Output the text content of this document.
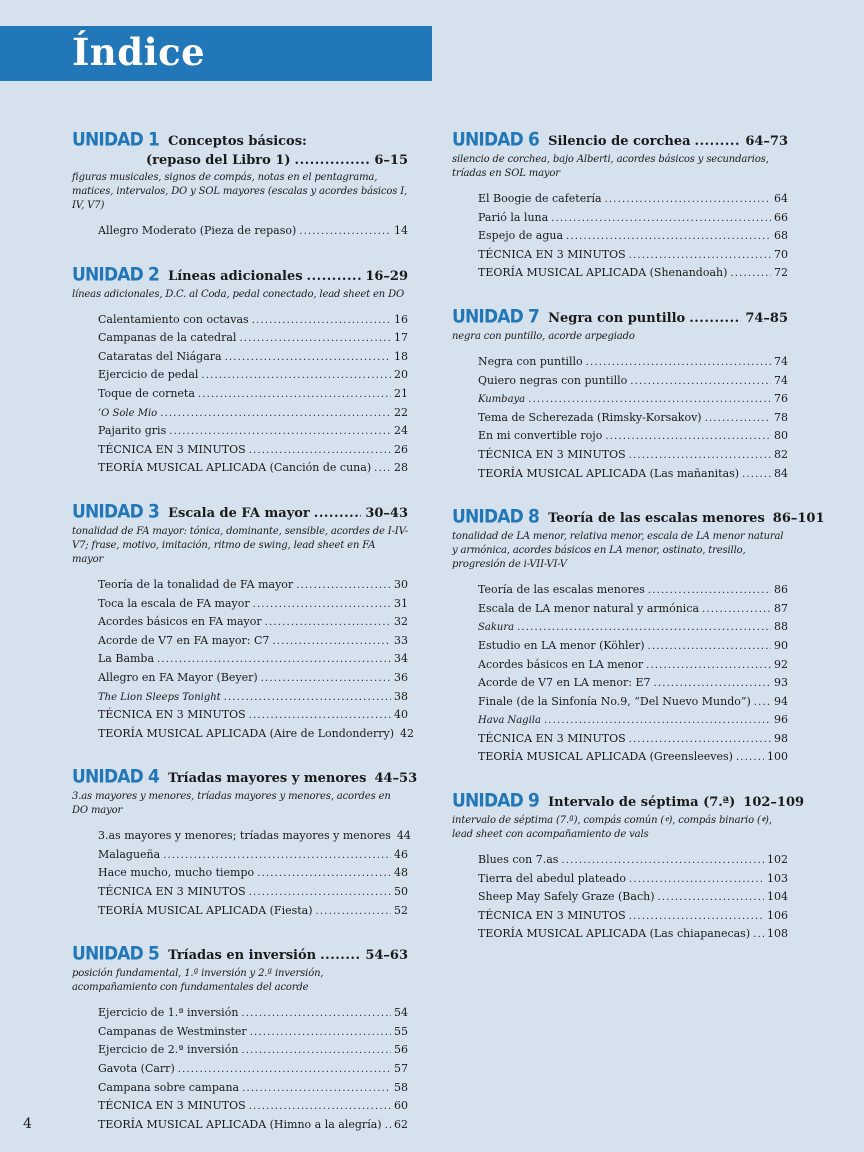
Índice
UNIDAD 1 Conceptos básicos:
(repaso del Libro 1) . . .	6–15
figuras musicales, signos de compás, notas en el pentagrama, matices, intervalos, DO y SOL mayores (escalas y acordes básicos I, IV, V7)
Allegro Moderato (Pieza de repaso) . . .	14
UNIDAD 2 Líneas adicionales . . .	16–29
líneas adicionales, D.C. al Coda, pedal conectado, lead sheet en DO
Calentamiento con octavas . . .	16
Campanas de la catedral . . .	17
Cataratas del Niágara . . .	18
Ejercicio de pedal . . .	20
Toque de corneta . . .	21
’O Sole Mio . . .	22
Pajarito gris . . .	24
TÉCNICA EN 3 MINUTOS . . .	26
TEORÍA MUSICAL APLICADA (Canción de cuna) . . . 28
UNIDAD 3 Escala de FA mayor . . .	30–43
tonalidad de FA mayor: tónica, dominante, sensible, acordes de I-IV-V7; frase, motivo, imitación, ritmo de swing, lead sheet en FA mayor
Teoría de la tonalidad de FA mayor . . .	30
Toca la escala de FA mayor . . .	31
Acordes básicos en FA mayor . . .	32
Acorde de V7 en FA mayor: C7 . . .	33
La Bamba . . .	34
Allegro en FA Mayor (Beyer) . . .	36
The Lion Sleeps Tonight . . .	38
TÉCNICA EN 3 MINUTOS . . .	40
TEORÍA MUSICAL APLICADA (Aire de Londonderry) 42
UNIDAD 4 Tríadas mayores y menores 44–53
3.as mayores y menores, tríadas mayores y menores, acordes en DO mayor
3.as mayores y menores; tríadas mayores y menores 44
Malagueña . . .	46
Hace mucho, mucho tiempo . . .	48
TÉCNICA EN 3 MINUTOS . . .	50
TEORÍA MUSICAL APLICADA (Fiesta) . . .	52
UNIDAD 5 Tríadas en inversión . . .	54–63
posición fundamental, 1.ª inversión y 2.ª inversión, acompañamiento con fundamentales del acorde
Ejercicio de 1.ª inversión . . .	54
Campanas de Westminster . . .	55
Ejercicio de 2.ª inversión . . .	56
Gavota (Carr) . . .	57
Campana sobre campana . . .	58
TÉCNICA EN 3 MINUTOS . . .	60
TEORÍA MUSICAL APLICADA (Himno a la alegría) . . . 62
UNIDAD 6 Silencio de corchea . . .	64–73
silencio de corchea, bajo Alberti, acordes básicos y secundarios, tríadas en SOL mayor
El Boogie de cafetería . . .	64
Parió la luna . . .	66
Espejo de agua . . .	68
TÉCNICA EN 3 MINUTOS . . .	70
TEORÍA MUSICAL APLICADA (Shenandoah) . . .	72
UNIDAD 7 Negra con puntillo . . .	74–85
negra con puntillo, acorde arpegiado
Negra con puntillo . . .	74
Quiero negras con puntillo . . .	74
Kumbaya . . .	76
Tema de Scherezada (Rimsky-Korsakov) . . .	78
En mi convertible rojo . . .	80
TÉCNICA EN 3 MINUTOS . . .	82
TEORÍA MUSICAL APLICADA (Las mañanitas) . . .	84
UNIDAD 8 Teoría de las escalas menores 86–101
tonalidad de LA menor, relativa menor, escala de LA menor natural y armónica, acordes básicos en LA menor, ostinato, tresillo, progresión de i-VII-VI-V
Teoría de las escalas menores . . .	86
Escala de LA menor natural y armónica . . .	87
Sakura . . .	88
Estudio en LA menor (Köhler) . . .	90
Acordes básicos en LA menor . . .	92
Acorde de V7 en LA menor: E7 . . .	93
Finale (de la Sinfonía No.9, “Del Nuevo Mundo”) . . . 94
Hava Nagila . . .	96
TÉCNICA EN 3 MINUTOS . . .	98
TEORÍA MUSICAL APLICADA (Greensleeves) . . .	100
UNIDAD 9 Intervalo de séptima (7.ª) 102–109
intervalo de séptima (7.ª), compás común (𝄴), compás binario (𝄵), lead sheet con acompañamiento de vals
Blues con 7.as . . .	102
Tierra del abedul plateado . . .	103
Sheep May Safely Graze (Bach) . . .	104
TÉCNICA EN 3 MINUTOS . . .	106
TEORÍA MUSICAL APLICADA (Las chiapanecas) . . . 108
4
